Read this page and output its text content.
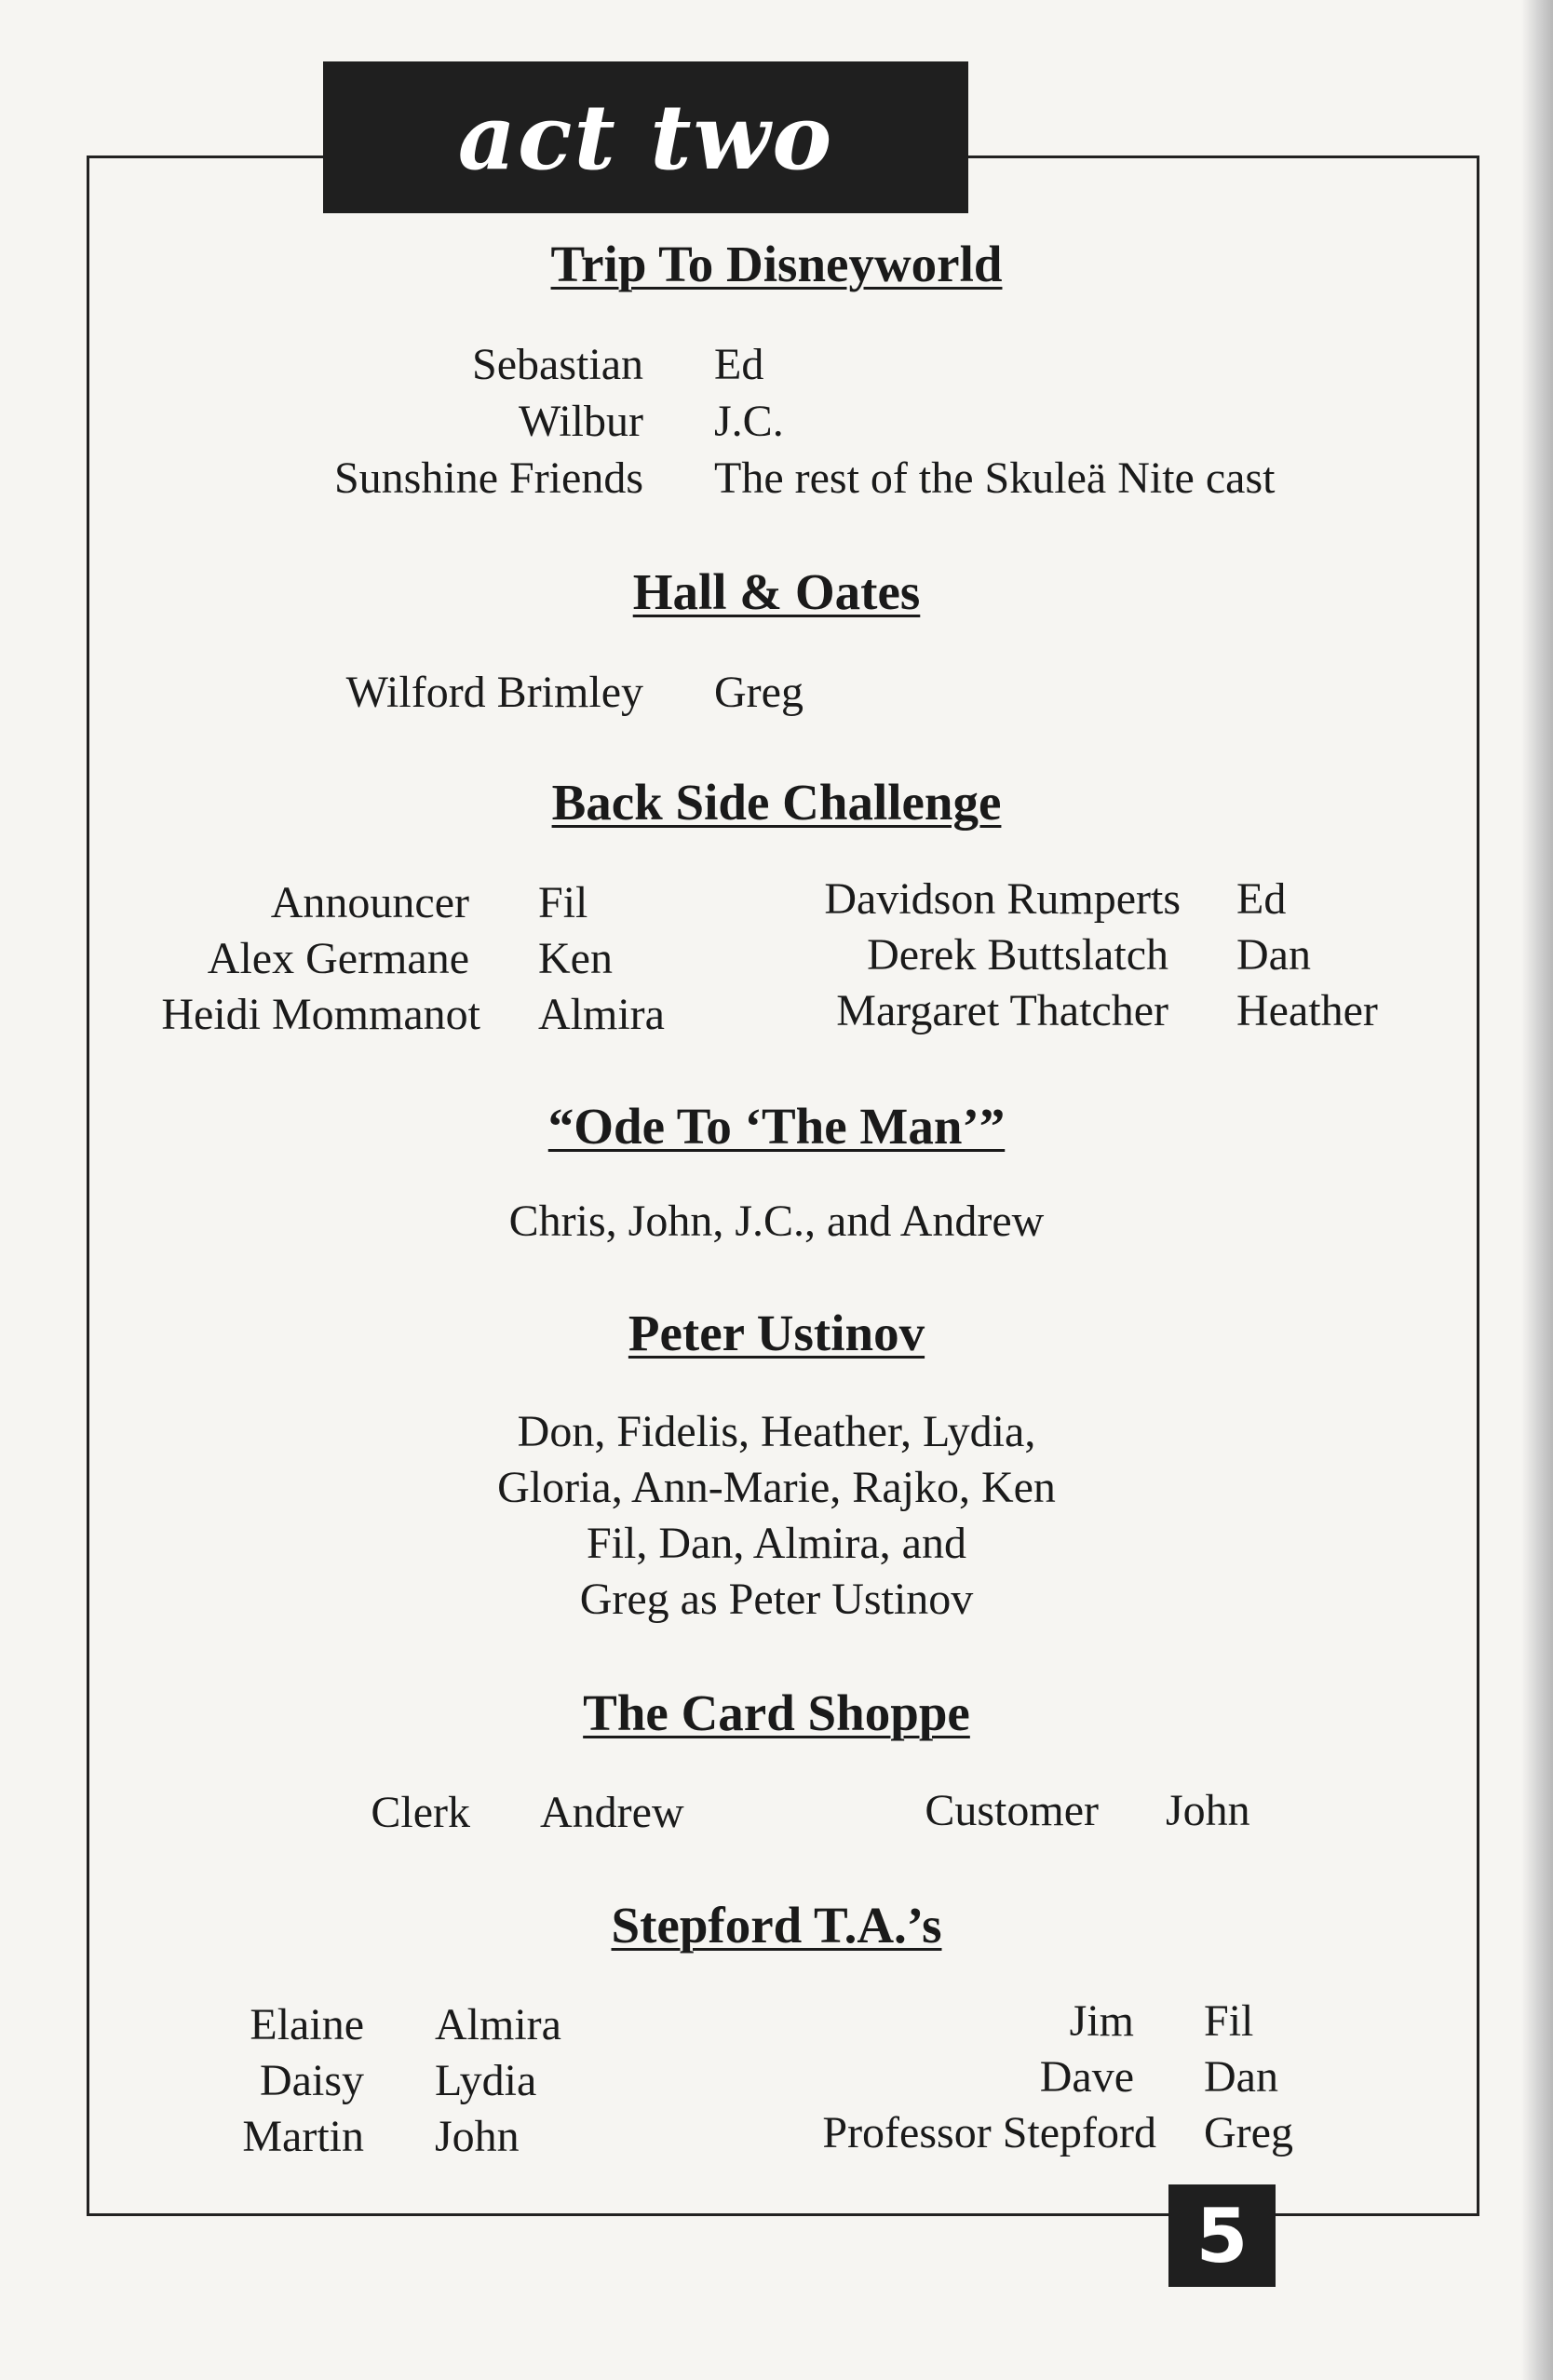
act two
Trip To Disneyworld
Sebastian Ed
Wilbur J.C.
Sunshine Friends The rest of the Skuleä Nite cast
Hall & Oates
Wilford Brimley Greg
Back Side Challenge
Announcer Fil
Alex Germane Ken
Heidi Mommanot Almira
Davidson Rumperts Ed
Derek Buttslatch Dan
Margaret Thatcher Heather
“Ode To ‘The Man’”
Chris, John, J.C., and Andrew
Peter Ustinov
Don, Fidelis, Heather, Lydia,
Gloria, Ann-Marie, Rajko, Ken
Fil, Dan, Almira, and
Greg as Peter Ustinov
The Card Shoppe
Clerk Andrew	Customer John
Stepford T.A.’s
Elaine Almira
Daisy Lydia
Martin John
Jim Fil
Dave Dan
Professor Stepford Greg
5
